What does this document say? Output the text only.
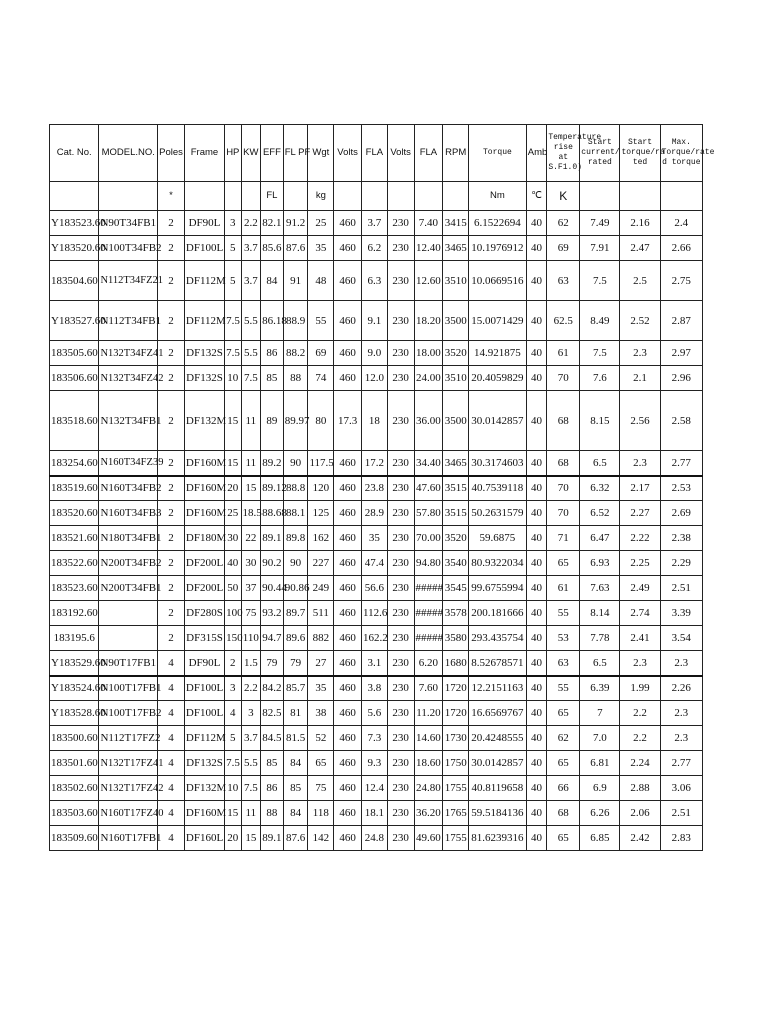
Cat. No.	MODEL.NO.	Poles	Frame	HP	KW	EFF	FL PF	Wgt	Volts	FLA	Volts	FLA	RPM	Torque	Amb	Temperature rise at S.F1.0)	Start current/ rated	Start torque/ra ted	Max. Torque/rate d torque
		*				FL		kg						Nm	℃	K			
Y183523.60	N90T34FB1	2	DF90L	3	2.2	82.1	91.2	25	460	3.7	230	7.40	3415	6.1522694	40	62	7.49	2.16	2.4
Y183520.60	N100T34FB2	2	DF100L	5	3.7	85.6	87.6	35	460	6.2	230	12.40	3465	10.1976912	40	69	7.91	2.47	2.66
183504.60	N112T34FZ21	2	DF112M	5	3.7	84	91	48	460	6.3	230	12.60	3510	10.0669516	40	63	7.5	2.5	2.75
Y183527.60	N112T34FB1	2	DF112M	7.5	5.5	86.18	88.9	55	460	9.1	230	18.20	3500	15.0071429	40	62.5	8.49	2.52	2.87
183505.60	N132T34FZ41	2	DF132S	7.5	5.5	86	88.2	69	460	9.0	230	18.00	3520	14.921875	40	61	7.5	2.3	2.97
183506.60	N132T34FZ42	2	DF132S	10	7.5	85	88	74	460	12.0	230	24.00	3510	20.4059829	40	70	7.6	2.1	2.96
183518.60	N132T34FB1	2	DF132M	15	11	89	89.97	80	17.3	18	230	36.00	3500	30.0142857	40	68	8.15	2.56	2.58
183254.60	N160T34FZ39	2	DF160M	15	11	89.2	90	117.5	460	17.2	230	34.40	3465	30.3174603	40	68	6.5	2.3	2.77
183519.60	N160T34FB2	2	DF160M	20	15	89.12	88.8	120	460	23.8	230	47.60	3515	40.7539118	40	70	6.32	2.17	2.53
183520.60	N160T34FB3	2	DF160M	25	18.5	88.68	88.1	125	460	28.9	230	57.80	3515	50.2631579	40	70	6.52	2.27	2.69
183521.60	N180T34FB1	2	DF180M	30	22	89.1	89.8	162	460	35	230	70.00	3520	59.6875	40	71	6.47	2.22	2.38
183522.60	N200T34FB2	2	DF200L	40	30	90.2	90	227	460	47.4	230	94.80	3540	80.9322034	40	65	6.93	2.25	2.29
183523.60	N200T34FB1	2	DF200L	50	37	90.44	90.86	249	460	56.6	230	#####	3545	99.6755994	40	61	7.63	2.49	2.51
183192.60		2	DF280S	100	75	93.2	89.7	511	460	112.6	230	#####	3578	200.181666	40	55	8.14	2.74	3.39
183195.6		2	DF315S	150	110	94.7	89.6	882	460	162.2	230	#####	3580	293.435754	40	53	7.78	2.41	3.54
Y183529.60	N90T17FB1	4	DF90L	2	1.5	79	79	27	460	3.1	230	6.20	1680	8.52678571	40	63	6.5	2.3	2.3
Y183524.60	N100T17FB1	4	DF100L	3	2.2	84.2	85.7	35	460	3.8	230	7.60	1720	12.2151163	40	55	6.39	1.99	2.26
Y183528.60	N100T17FB2	4	DF100L	4	3	82.5	81	38	460	5.6	230	11.20	1720	16.6569767	40	65	7	2.2	2.3
183500.60	N112T17FZ2	4	DF112M	5	3.7	84.5	81.5	52	460	7.3	230	14.60	1730	20.4248555	40	62	7.0	2.2	2.3
183501.60	N132T17FZ41	4	DF132S	7.5	5.5	85	84	65	460	9.3	230	18.60	1750	30.0142857	40	65	6.81	2.24	2.77
183502.60	N132T17FZ42	4	DF132M	10	7.5	86	85	75	460	12.4	230	24.80	1755	40.8119658	40	66	6.9	2.88	3.06
183503.60	N160T17FZ40	4	DF160M	15	11	88	84	118	460	18.1	230	36.20	1765	59.5184136	40	68	6.26	2.06	2.51
183509.60	N160T17FB1	4	DF160L	20	15	89.1	87.6	142	460	24.8	230	49.60	1755	81.6239316	40	65	6.85	2.42	2.83
